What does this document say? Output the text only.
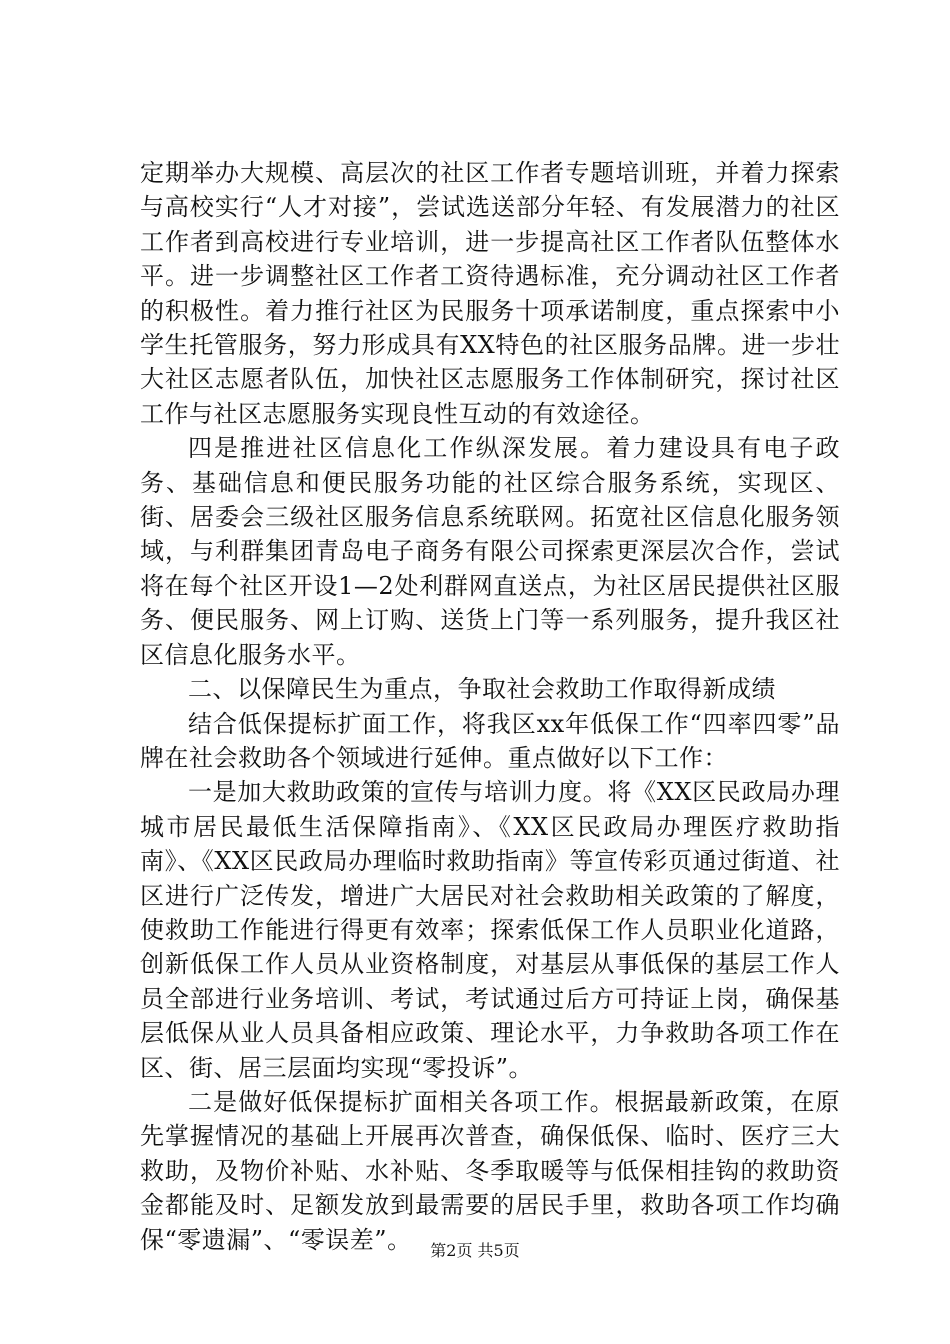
定期举办大规模、高层次的社区工作者专题培训班，并着力探索与高校实行“人才对接”，尝试选送部分年轻、有发展潜力的社区工作者到高校进行专业培训，进一步提高社区工作者队伍整体水平。进一步调整社区工作者工资待遇标准，充分调动社区工作者的积极性。着力推行社区为民服务十项承诺制度，重点探索中小学生托管服务，努力形成具有XX特色的社区服务品牌。进一步壮大社区志愿者队伍，加快社区志愿服务工作体制研究，探讨社区工作与社区志愿服务实现良性互动的有效途径。

四是推进社区信息化工作纵深发展。着力建设具有电子政务、基础信息和便民服务功能的社区综合服务系统，实现区、街、居委会三级社区服务信息系统联网。拓宽社区信息化服务领域，与利群集团青岛电子商务有限公司探索更深层次合作，尝试将在每个社区开设1—2处利群网直送点，为社区居民提供社区服务、便民服务、网上订购、送货上门等一系列服务，提升我区社区信息化服务水平。

二、以保障民生为重点，争取社会救助工作取得新成绩

结合低保提标扩面工作，将我区xx年低保工作“四率四零”品牌在社会救助各个领域进行延伸。重点做好以下工作：

一是加大救助政策的宣传与培训力度。将《XX区民政局办理城市居民最低生活保障指南》、《XX区民政局办理医疗救助指南》、《XX区民政局办理临时救助指南》等宣传彩页通过街道、社区进行广泛传发，增进广大居民对社会救助相关政策的了解度，使救助工作能进行得更有效率；探索低保工作人员职业化道路，创新低保工作人员从业资格制度，对基层从事低保的基层工作人员全部进行业务培训、考试，考试通过后方可持证上岗，确保基层低保从业人员具备相应政策、理论水平，力争救助各项工作在区、街、居三层面均实现“零投诉”。

二是做好低保提标扩面相关各项工作。根据最新政策，在原先掌握情况的基础上开展再次普查，确保低保、临时、医疗三大救助，及物价补贴、水补贴、冬季取暖等与低保相挂钩的救助资金都能及时、足额发放到最需要的居民手里，救助各项工作均确保“零遗漏”、“零误差”。	第2页 共5页
